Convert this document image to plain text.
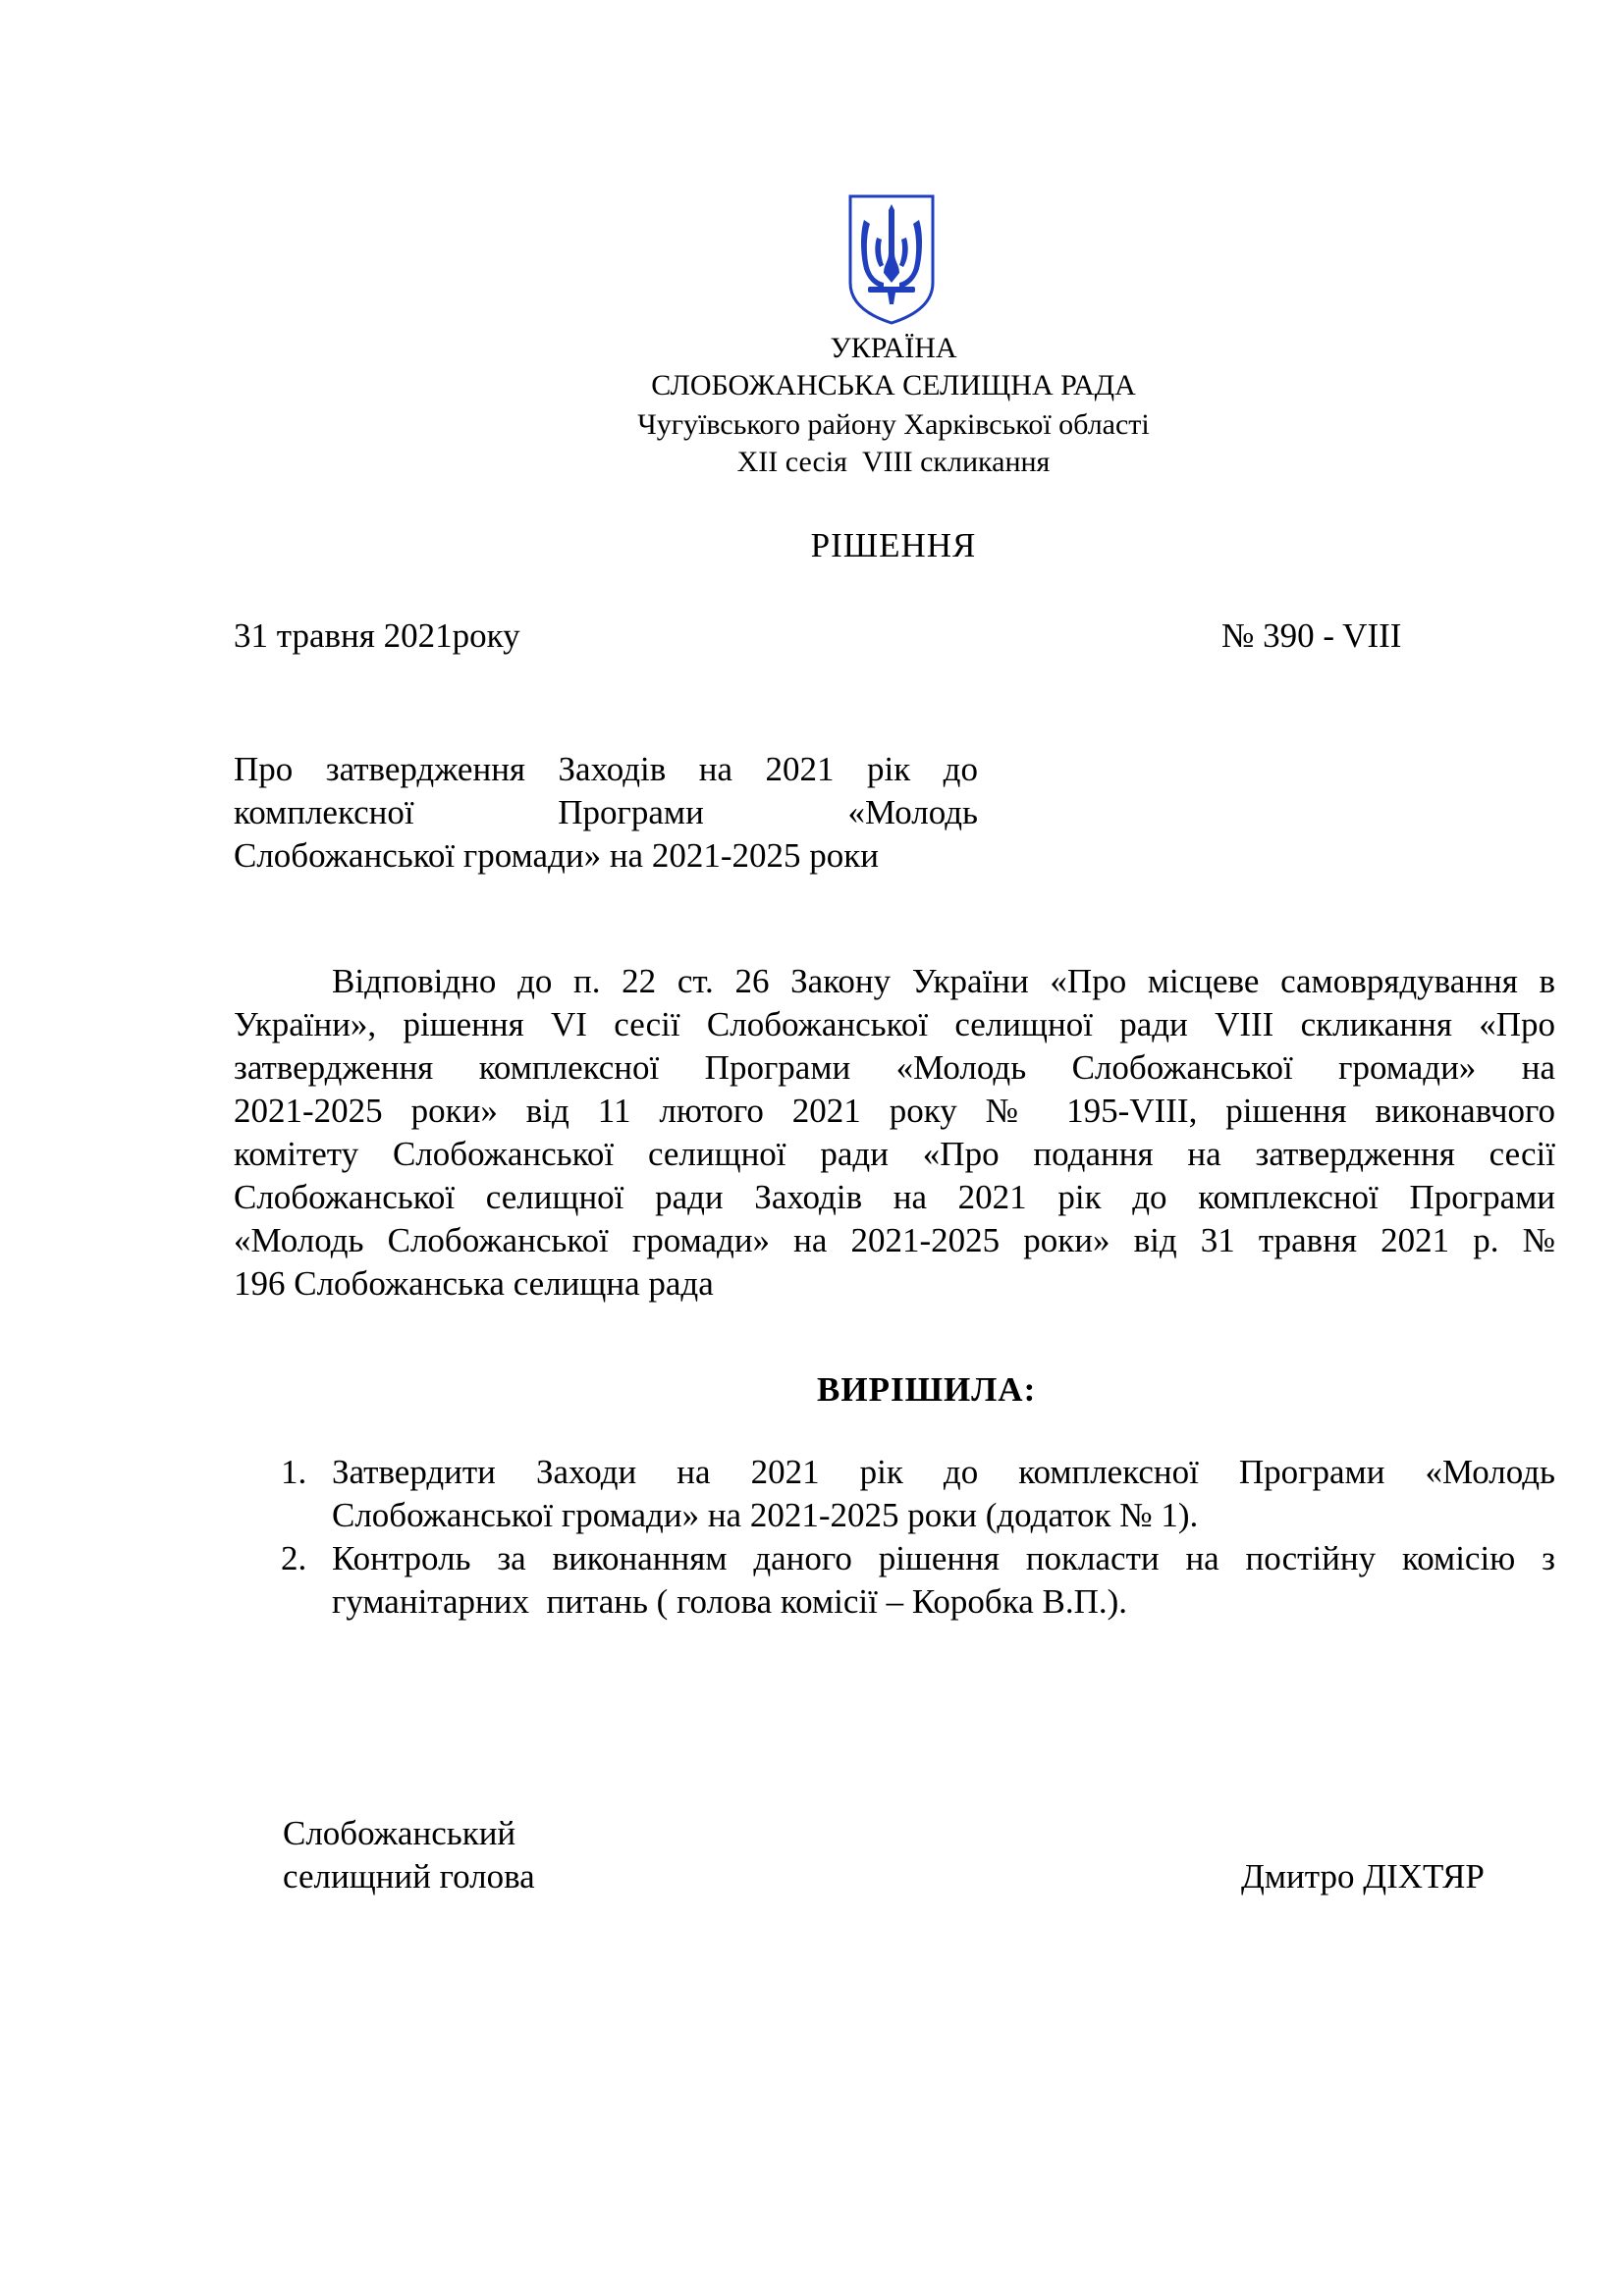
УКРАЇНА
СЛОБОЖАНСЬКА СЕЛИЩНА РАДА
Чугуївського району Харківської області
XII сесія  VIII скликання
РІШЕННЯ
31 травня 2021року	№ 390 - VIII
Про затвердження Заходів на 2021 рік до
комплексної Програми «Молодь
Слобожанської громади» на 2021-2025 роки
Відповідно до п. 22 ст. 26 Закону України «Про місцеве самоврядування в
України», рішення VI сесії Слобожанської селищної ради VIII скликання «Про
затвердження комплексної Програми «Молодь Слобожанської громади» на
2021-2025 роки» від 11 лютого 2021 року № 195-VIII, рішення виконавчого
комітету Слобожанської селищної ради «Про подання на затвердження сесії
Слобожанської селищної ради Заходів на 2021 рік до комплексної Програми
«Молодь Слобожанської громади» на 2021-2025 роки» від 31 травня 2021 р. №
196 Слобожанська селищна рада
ВИРІШИЛА:
1. Затвердити Заходи на 2021 рік до комплексної Програми «Молодь
Слобожанської громади» на 2021-2025 роки (додаток № 1).
2. Контроль за виконанням даного рішення покласти на постійну комісію з
гуманітарних  питань ( голова комісії – Коробка В.П.).
Слобожанський
селищний голова	Дмитро ДІХТЯР
